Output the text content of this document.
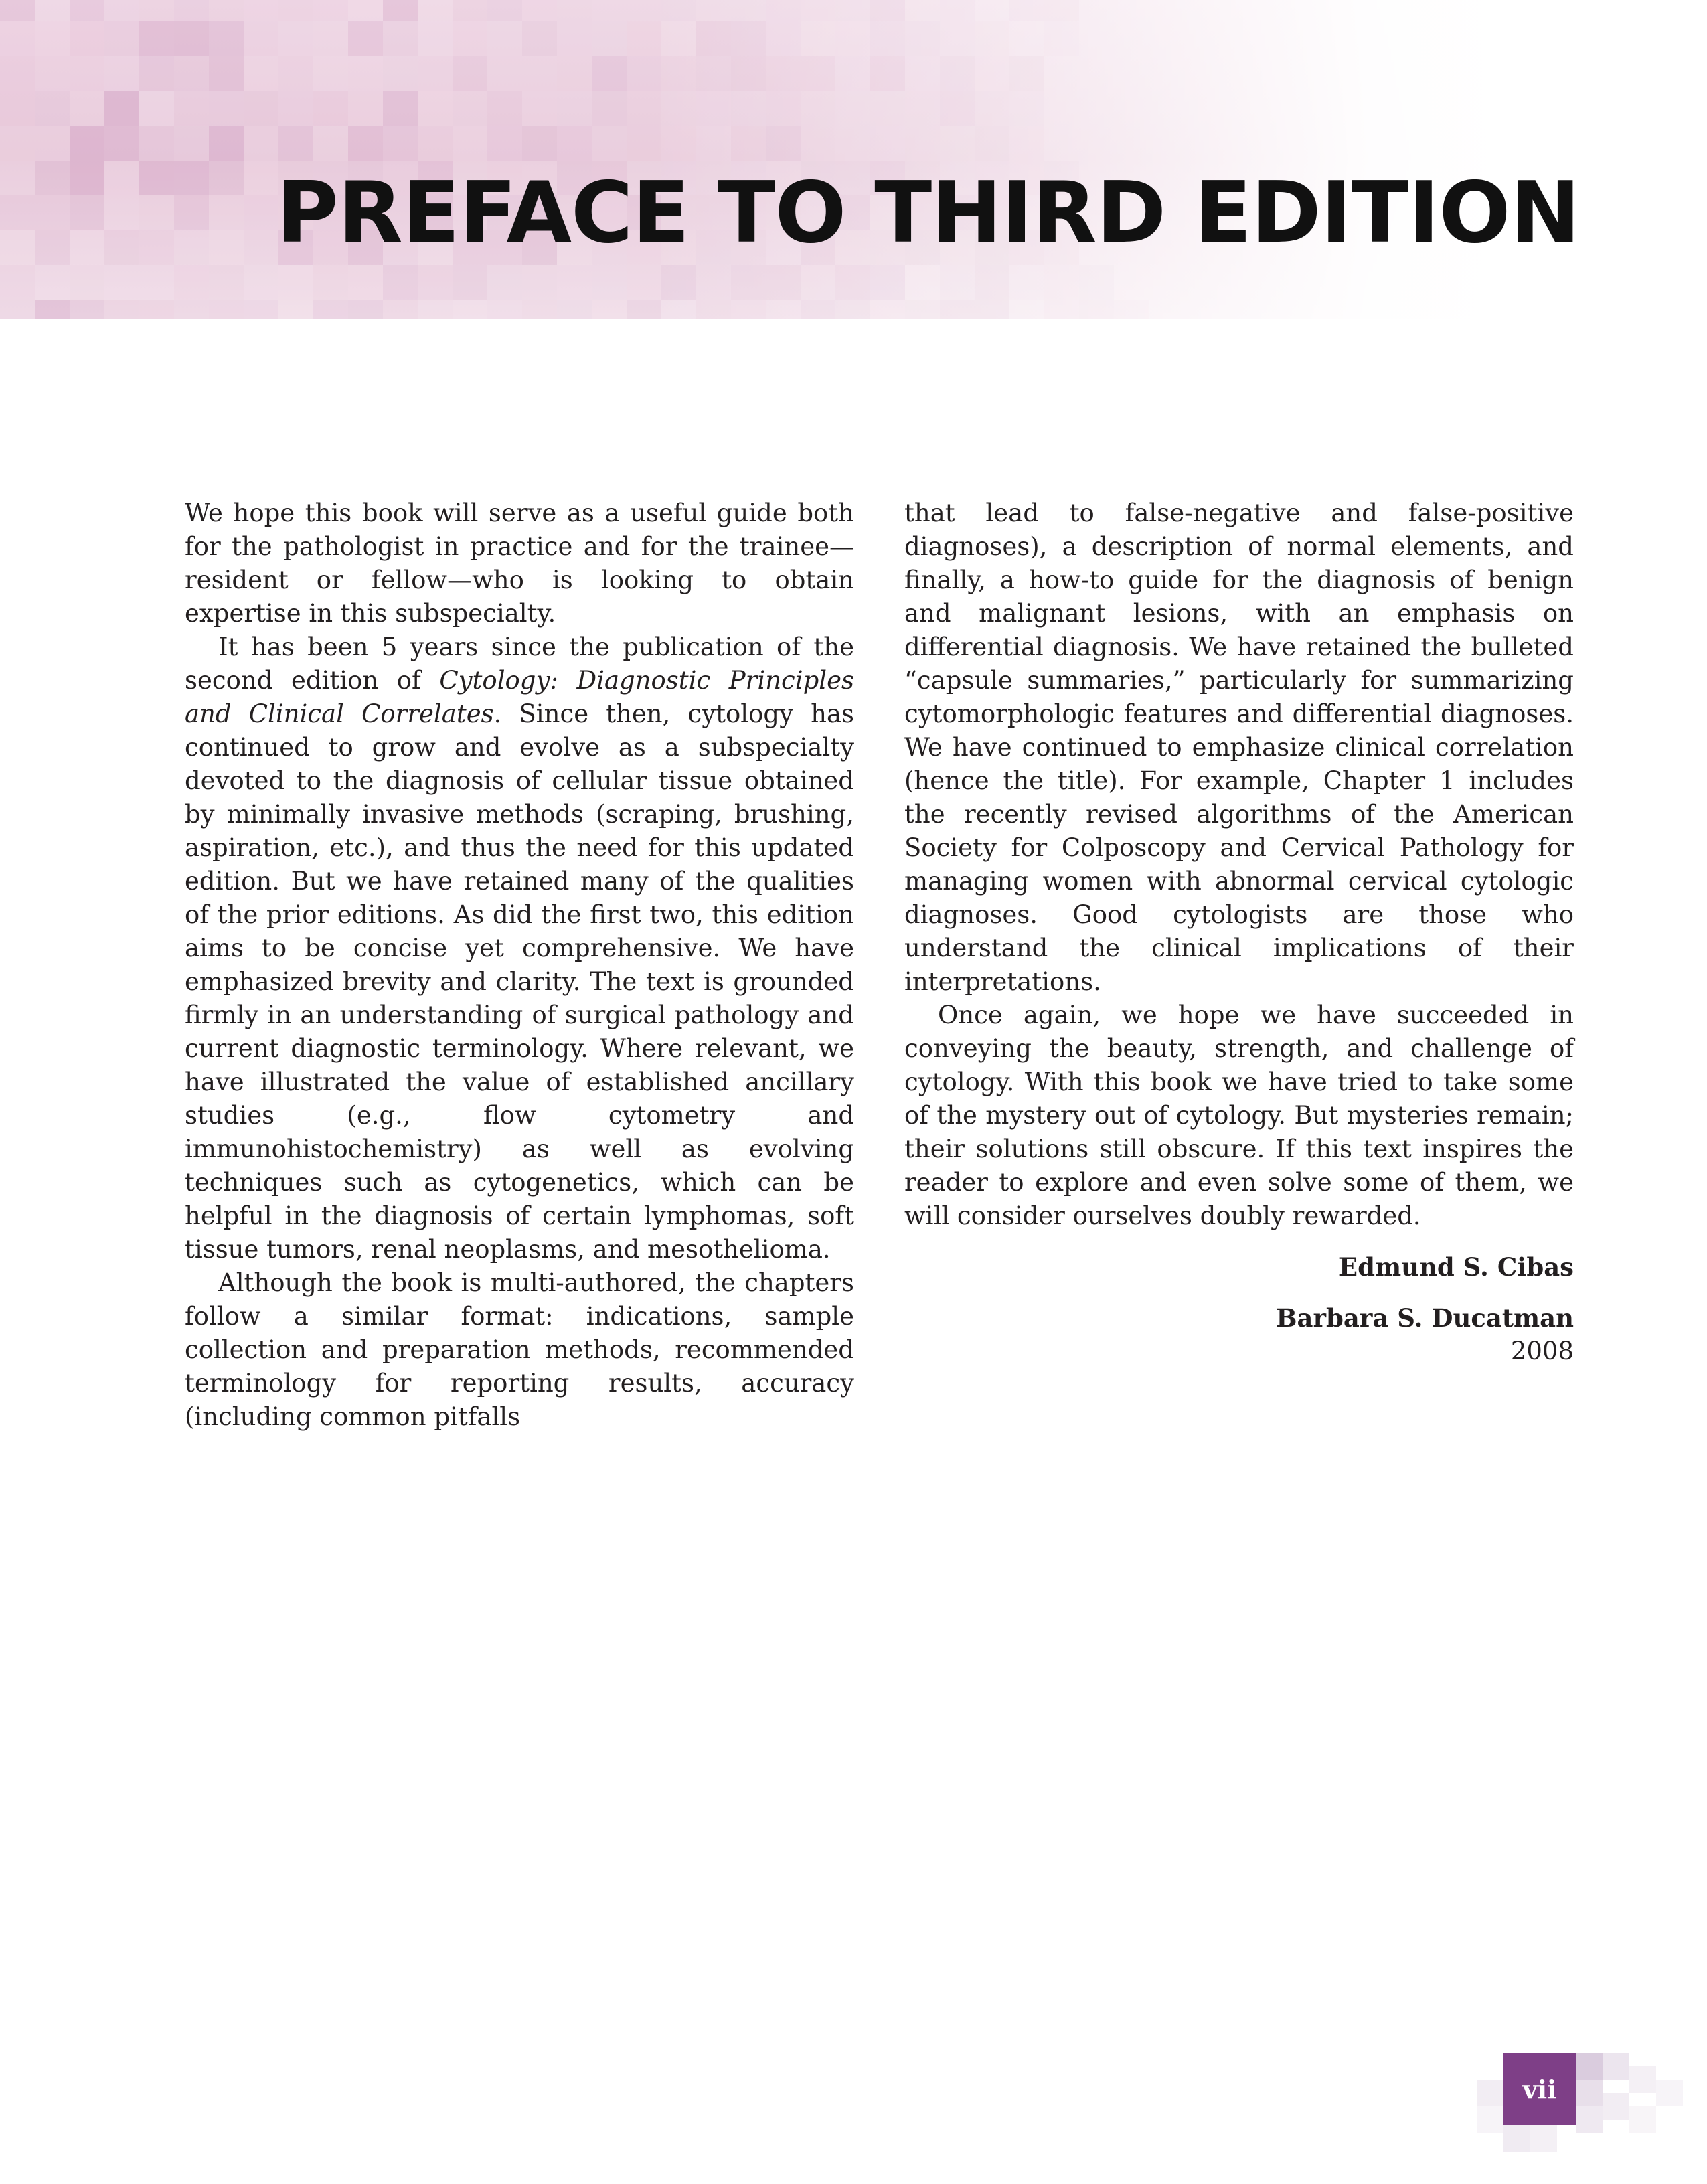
PREFACE TO THIRD EDITION

We hope this book will serve as a useful guide both for the pathologist in practice and for the trainee—resident or fellow—who is looking to obtain expertise in this subspecialty.

It has been 5 years since the publication of the second edition of Cytology: Diagnostic Principles and Clinical Correlates. Since then, cytology has continued to grow and evolve as a subspecialty devoted to the diagnosis of cellular tissue obtained by minimally invasive methods (scraping, brushing, aspiration, etc.), and thus the need for this updated edition. But we have retained many of the qualities of the prior editions. As did the first two, this edition aims to be concise yet comprehensive. We have emphasized brevity and clarity. The text is grounded firmly in an understanding of surgical pathology and current diagnostic terminology. Where relevant, we have illustrated the value of established ancillary studies (e.g., flow cytometry and immunohistochemistry) as well as evolving techniques such as cytogenetics, which can be helpful in the diagnosis of certain lymphomas, soft tissue tumors, renal neoplasms, and mesothelioma.

Although the book is multi-authored, the chapters follow a similar format: indications, sample collection and preparation methods, recommended terminology for reporting results, accuracy (including common pitfalls

that lead to false-negative and false-positive diagnoses), a description of normal elements, and finally, a how-to guide for the diagnosis of benign and malignant lesions, with an emphasis on differential diagnosis. We have retained the bulleted “capsule summaries,” particularly for summarizing cytomorphologic features and differential diagnoses. We have continued to emphasize clinical correlation (hence the title). For example, Chapter 1 includes the recently revised algorithms of the American Society for Colposcopy and Cervical Pathology for managing women with abnormal cervical cytologic diagnoses. Good cytologists are those who understand the clinical implications of their interpretations.

Once again, we hope we have succeeded in conveying the beauty, strength, and challenge of cytology. With this book we have tried to take some of the mystery out of cytology. But mysteries remain; their solutions still obscure. If this text inspires the reader to explore and even solve some of them, we will consider ourselves doubly rewarded.

Edmund S. Cibas
Barbara S. Ducatman
2008
vii
